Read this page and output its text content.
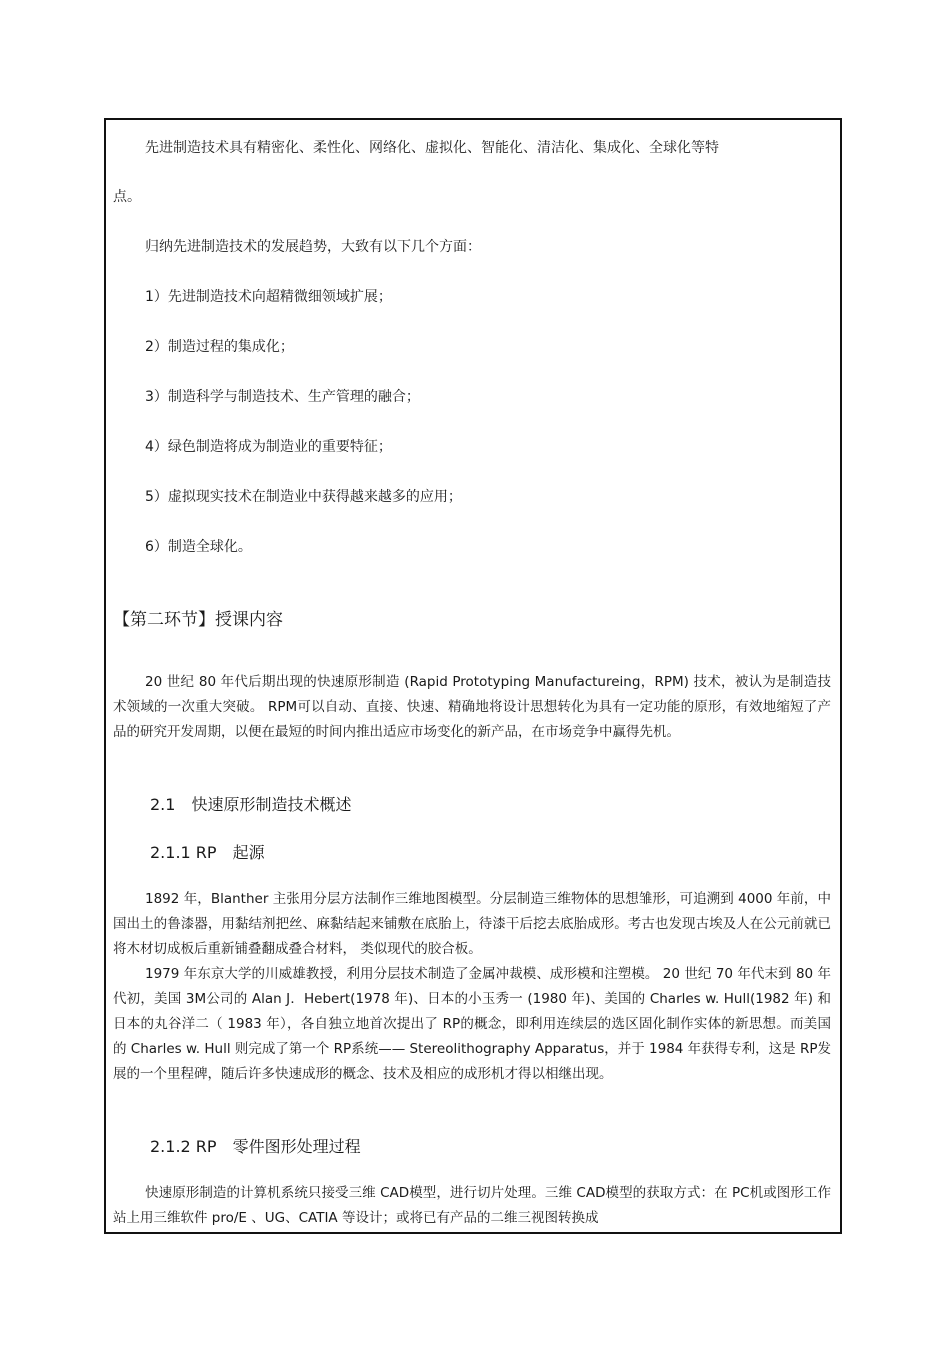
先进制造技术具有精密化、柔性化、网络化、虚拟化、智能化、清洁化、集成化、全球化等特
点。
归纳先进制造技术的发展趋势，大致有以下几个方面：
1）先进制造技术向超精微细领域扩展；
2）制造过程的集成化；
3）制造科学与制造技术、生产管理的融合；
4）绿色制造将成为制造业的重要特征；
5）虚拟现实技术在制造业中获得越来越多的应用；
6）制造全球化。
【第二环节】授课内容
20 世纪 80 年代后期出现的快速原形制造 (Rapid Prototyping Manufactureing，RPM) 技术，被认为是制造技术领域的一次重大突破。 RPM可以自动、直接、快速、精确地将设计思想转化为具有一定功能的原形，有效地缩短了产品的研究开发周期，以便在最短的时间内推出适应市场变化的新产品，在市场竞争中赢得先机。
2.1　快速原形制造技术概述
2.1.1 RP　起源
1892 年，Blanther 主张用分层方法制作三维地图模型。分层制造三维物体的思想雏形，可追溯到 4000 年前，中国出土的鲁漆器，用黏结剂把丝、麻黏结起来铺敷在底胎上，待漆干后挖去底胎成形。考古也发现古埃及人在公元前就已将木材切成板后重新铺叠翻成叠合材料， 类似现代的胶合板。
1979 年东京大学的川威雄教授，利用分层技术制造了金属冲裁模、成形模和注塑模。 20 世纪 70 年代末到 80 年代初，美国 3M公司的 Alan J．Hebert(1978 年)、日本的小玉秀一 (1980 年)、美国的 Charles w. Hull(1982 年) 和日本的丸谷洋二（ 1983 年），各自独立地首次提出了 RP的概念，即利用连续层的选区固化制作实体的新思想。而美国的 Charles w. Hull 则完成了第一个 RP系统—— Stereolithography Apparatus，并于 1984 年获得专利，这是 RP发展的一个里程碑，随后许多快速成形的概念、技术及相应的成形机才得以相继出现。
2.1.2 RP　零件图形处理过程
快速原形制造的计算机系统只接受三维 CAD模型，进行切片处理。三维 CAD模型的获取方式：在 PC机或图形工作站上用三维软件 pro/E 、UG、CATIA 等设计；或将已有产品的二维三视图转换成
